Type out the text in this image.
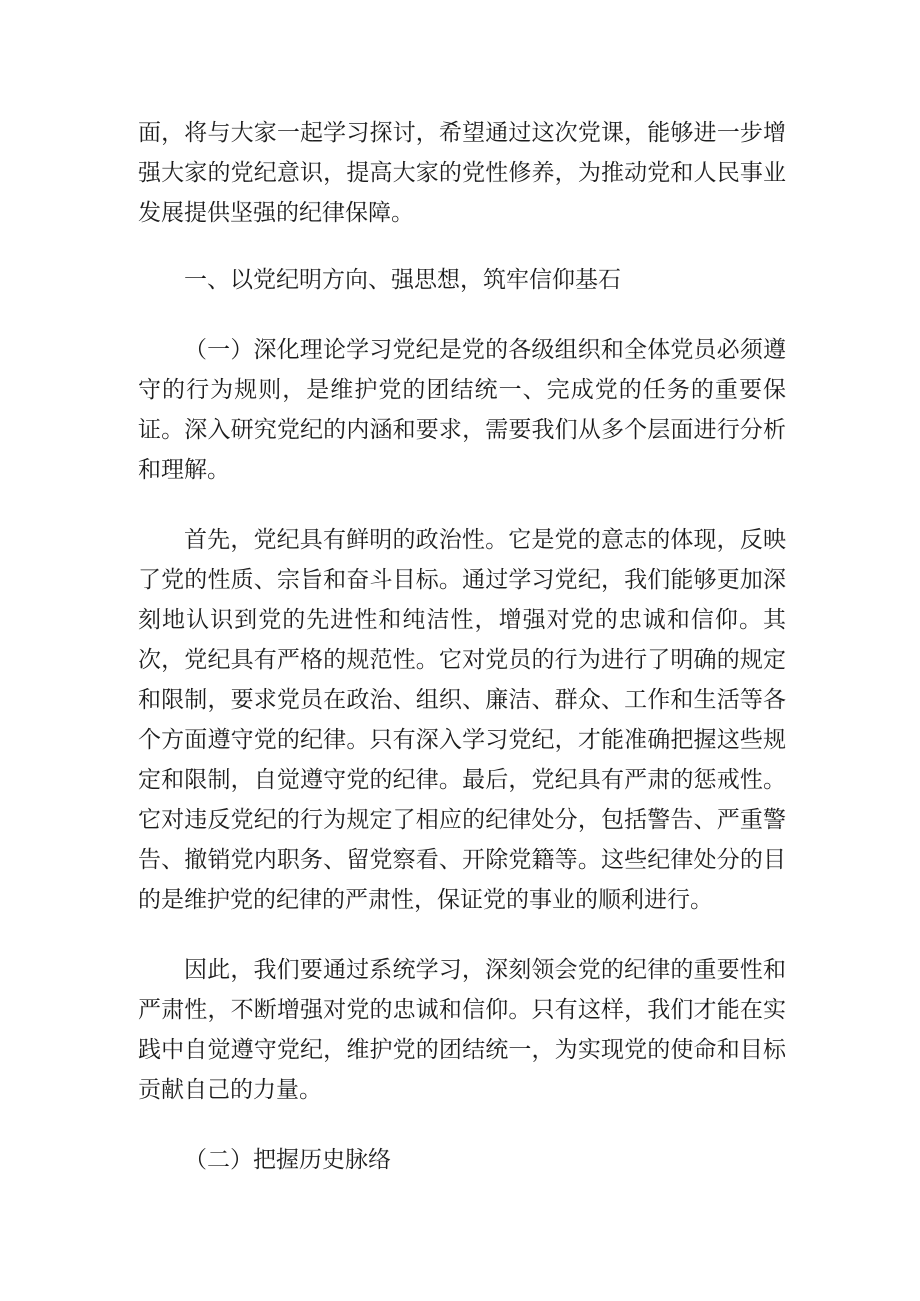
面，将与大家一起学习探讨，希望通过这次党课，能够进一步增强大家的党纪意识，提高大家的党性修养，为推动党和人民事业发展提供坚强的纪律保障。

一、以党纪明方向、强思想，筑牢信仰基石

（一）深化理论学习党纪是党的各级组织和全体党员必须遵守的行为规则，是维护党的团结统一、完成党的任务的重要保证。深入研究党纪的内涵和要求，需要我们从多个层面进行分析和理解。

首先，党纪具有鲜明的政治性。它是党的意志的体现，反映了党的性质、宗旨和奋斗目标。通过学习党纪，我们能够更加深刻地认识到党的先进性和纯洁性，增强对党的忠诚和信仰。其次，党纪具有严格的规范性。它对党员的行为进行了明确的规定和限制，要求党员在政治、组织、廉洁、群众、工作和生活等各个方面遵守党的纪律。只有深入学习党纪，才能准确把握这些规定和限制，自觉遵守党的纪律。最后，党纪具有严肃的惩戒性。它对违反党纪的行为规定了相应的纪律处分，包括警告、严重警告、撤销党内职务、留党察看、开除党籍等。这些纪律处分的目的是维护党的纪律的严肃性，保证党的事业的顺利进行。

因此，我们要通过系统学习，深刻领会党的纪律的重要性和严肃性，不断增强对党的忠诚和信仰。只有这样，我们才能在实践中自觉遵守党纪，维护党的团结统一，为实现党的使命和目标贡献自己的力量。

（二）把握历史脉络
